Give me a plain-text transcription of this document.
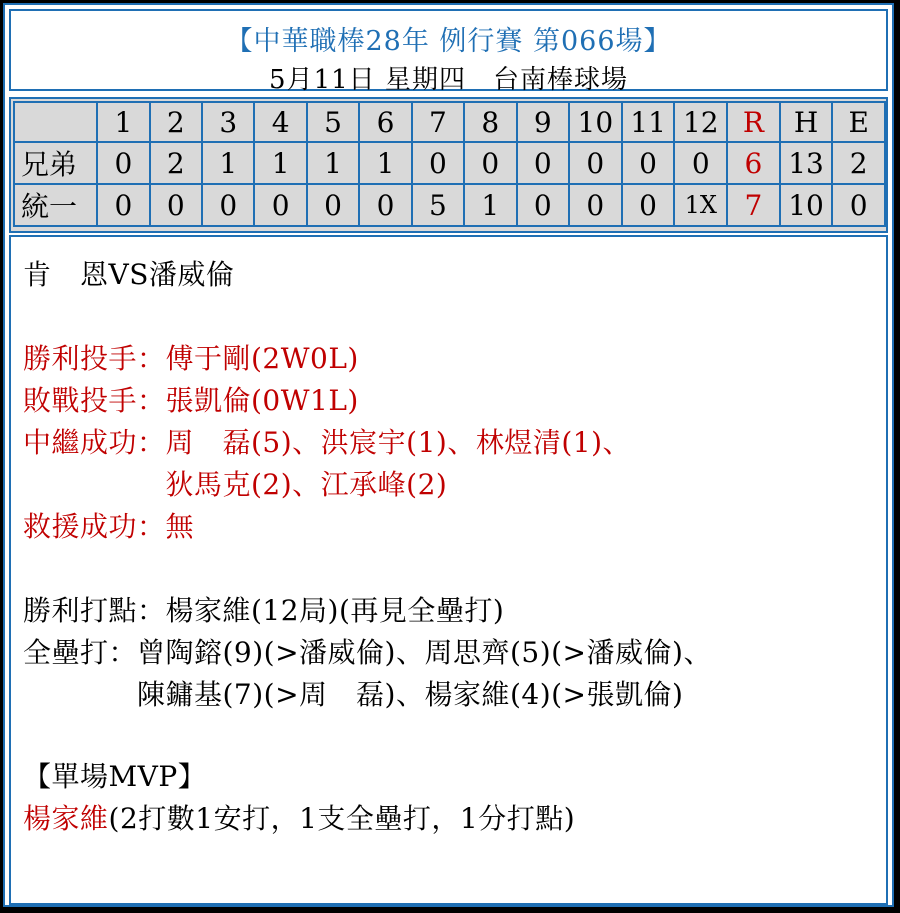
【中華職棒28年 例行賽 第066場】
5月11日 星期四　台南棒球場
	1	2	3	4	5	6	7	8	9	10	11	12	R	H	E
兄弟	0	2	1	1	1	1	0	0	0	0	0	0	6	13	2
統一	0	0	0	0	0	0	5	1	0	0	0	1X	7	10	0
肯　恩VS潘威倫
勝利投手：傅于剛(2W0L)
敗戰投手：張凱倫(0W1L)
中繼成功：周　磊(5)、洪宸宇(1)、林煜清(1)、
　　　　　狄馬克(2)、江承峰(2)
救援成功：無
勝利打點：楊家維(12局)(再見全壘打)
全壘打：曾陶鎔(9)(>潘威倫)、周思齊(5)(>潘威倫)、
　　　　陳鏞基(7)(>周　磊)、楊家維(4)(>張凱倫)
【單場MVP】
楊家維(2打數1安打，1支全壘打，1分打點)
